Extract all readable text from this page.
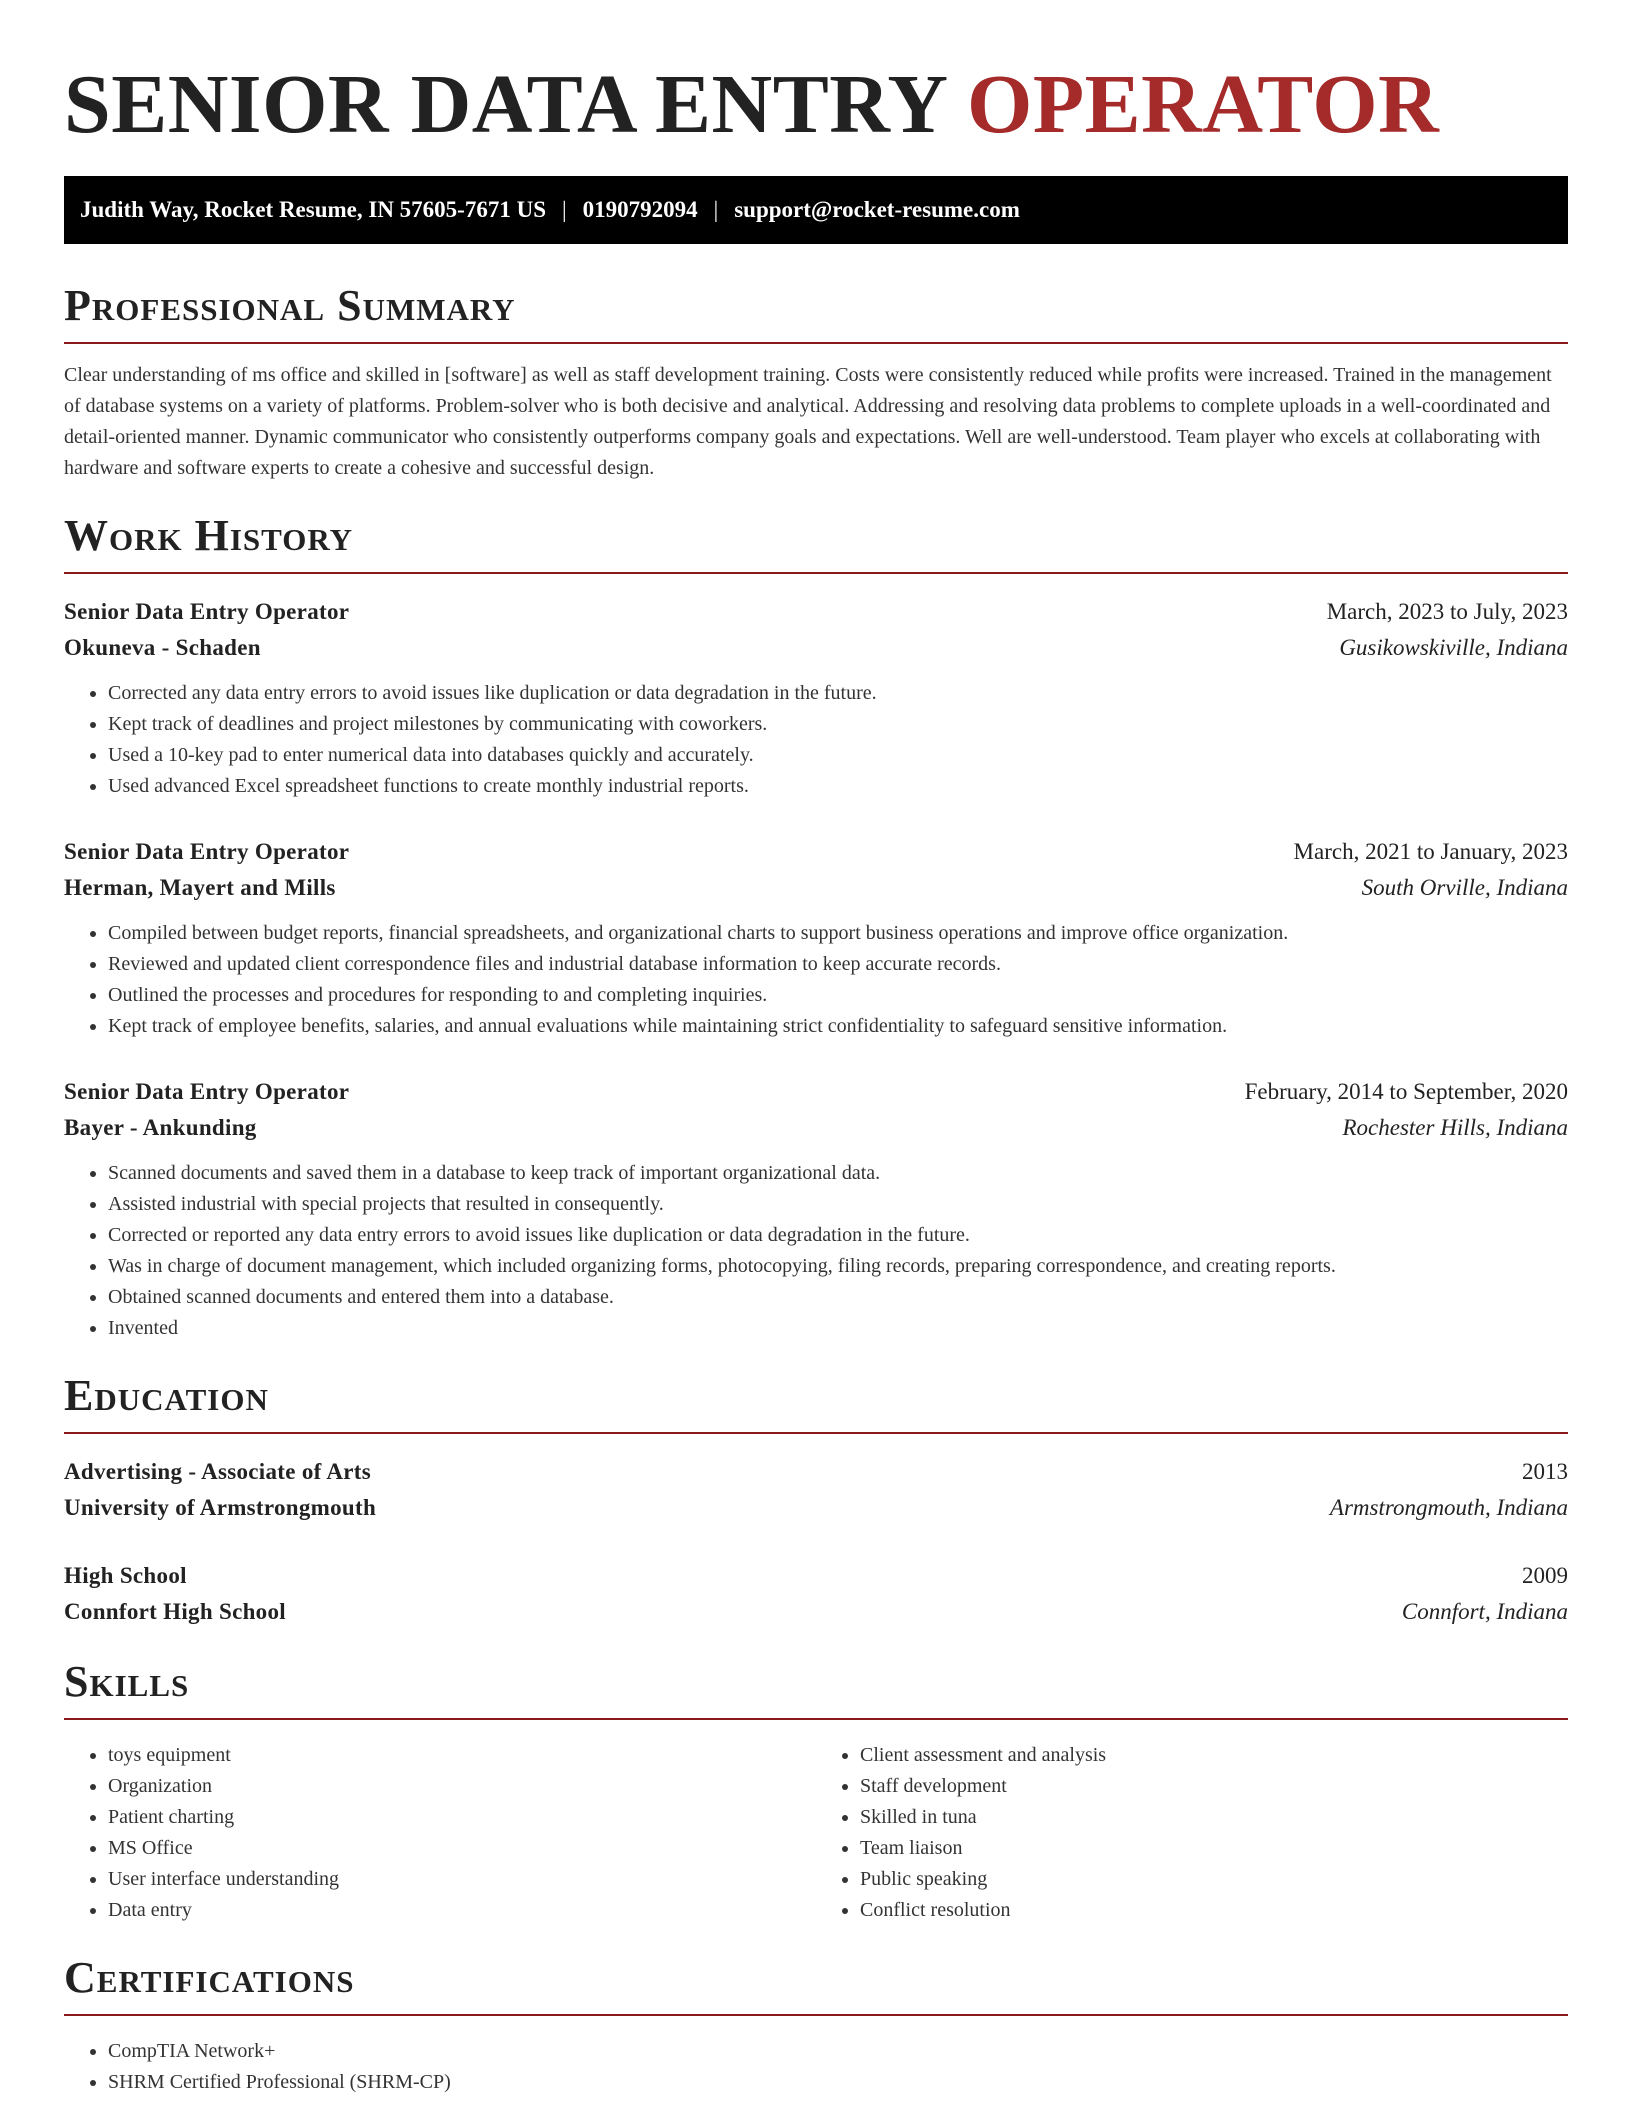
SENIOR DATA ENTRY OPERATOR
Judith Way, Rocket Resume, IN 57605-7671 US | 0190792094 | support@rocket-resume.com
Professional Summary

Clear understanding of ms office and skilled in [software] as well as staff development training. Costs were consistently reduced while profits were increased. Trained in the management of database systems on a variety of platforms. Problem-solver who is both decisive and analytical. Addressing and resolving data problems to complete uploads in a well-coordinated and detail-oriented manner. Dynamic communicator who consistently outperforms company goals and expectations. Well are well-understood. Team player who excels at collaborating with hardware and software experts to create a cohesive and successful design.

Work History
Senior Data Entry Operator	March, 2023 to July, 2023
Okuneva - Schaden	Gusikowskiville, Indiana
• Corrected any data entry errors to avoid issues like duplication or data degradation in the future.
• Kept track of deadlines and project milestones by communicating with coworkers.
• Used a 10-key pad to enter numerical data into databases quickly and accurately.
• Used advanced Excel spreadsheet functions to create monthly industrial reports.
Senior Data Entry Operator	March, 2021 to January, 2023
Herman, Mayert and Mills	South Orville, Indiana
• Compiled between budget reports, financial spreadsheets, and organizational charts to support business operations and improve office organization.
• Reviewed and updated client correspondence files and industrial database information to keep accurate records.
• Outlined the processes and procedures for responding to and completing inquiries.
• Kept track of employee benefits, salaries, and annual evaluations while maintaining strict confidentiality to safeguard sensitive information.
Senior Data Entry Operator	February, 2014 to September, 2020
Bayer - Ankunding	Rochester Hills, Indiana
• Scanned documents and saved them in a database to keep track of important organizational data.
• Assisted industrial with special projects that resulted in consequently.
• Corrected or reported any data entry errors to avoid issues like duplication or data degradation in the future.
• Was in charge of document management, which included organizing forms, photocopying, filing records, preparing correspondence, and creating reports.
• Obtained scanned documents and entered them into a database.
• Invented
Education
Advertising - Associate of Arts	2013
University of Armstrongmouth	Armstrongmouth, Indiana
High School	2009
Connfort High School	Connfort, Indiana
Skills
• toys equipment
• Organization
• Patient charting
• MS Office
• User interface understanding
• Data entry
• Client assessment and analysis
• Staff development
• Skilled in tuna
• Team liaison
• Public speaking
• Conflict resolution
Certifications
• CompTIA Network+
• SHRM Certified Professional (SHRM-CP)
